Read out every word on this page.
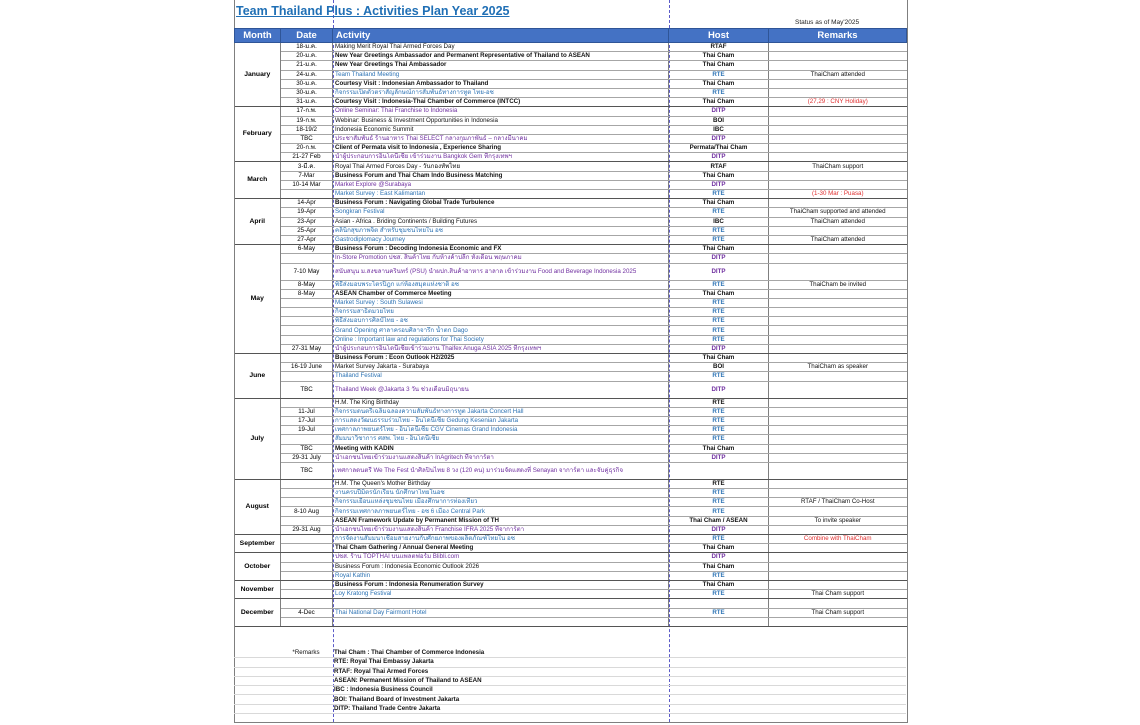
Team Thailand Plus : Activities Plan Year 2025
Status as of May'2025
Month	Date	Activity	Host	Remarks
January	18-ม.ค.	Making Merit Royal Thai Armed Forces Day	RTAF	
	20-ม.ค.	New Year Greetings Ambassador and Permanent Representative of Thailand to ASEAN	Thai Cham	
	21-ม.ค.	New Year Greetings Thai Ambassador	Thai Cham	
	24-ม.ค.	Team Thailand Meeting	RTE	ThaiCham attended
	30-ม.ค.	Courtesy Visit : Indonesian Ambassador to Thailand	Thai Cham	
	30-ม.ค.	กิจกรรมเปิดตัวตราสัญลักษณ์การสัมพันธ์ทางการทูต ไทย-อซ	RTE	
	31-ม.ค.	Courtesy Visit : Indonesia-Thai Chamber of Commerce (INTCC)	Thai Cham	(27,29 : CNY Holiday)
February	17-ก.พ.	Online Seminar: Thai Franchise to Indonesia	DITP	
	19-ก.พ.	Webinar: Business & Investment Opportunities in Indonesia	BOI	
	18-19/2	Indonesia Economic Summit	IBC	
	TBC	ประชาสัมพันธ์ ร้านอาหาร Thai SELECT กลางกุมภาพันธ์ – กลางมีนาคม	DITP	
	20-ก.พ.	Client of Permata visit to Indonesia , Experience Sharing	Permata/Thai Cham	
	21-27 Feb	นำผู้ประกอบการอินโดนีเซีย เข้าร่วมงาน Bangkok Gem ที่กรุงเทพฯ	DITP	
March	3-มี.ค.	Royal Thai Armed Forces Day - วันกองทัพไทย	RTAF	ThaiCham support
	7-Mar	Business Forum and Thai Cham Indo Business Matching	Thai Cham	
	10-14 Mar	Market Explore @Surabaya	DITP	
		Market Survey : East Kalimantan	RTE	(1-30 Mar : Puasa)
April	14-Apr	Business Forum : Navigating Global Trade Turbulence	Thai Cham	
	19-Apr	Songkran Festival	RTE	ThaiCham supported and attended
	23-Apr	Asian - Africa . Briding Continents / Building Futures	IBC	ThaiCham attended
	25-Apr	คลินิกสุขภาพจิต สำหรับชุมชนไทยใน อซ	RTE	
	27-Apr	Gastrodiplomacy Journey	RTE	ThaiCham attended
May	6-May	Business Forum : Decoding Indonesia Economic and FX	Thai Cham	
		In-Store Promotion ปชส. สินค้าไทย กับห้างค้าปลีก ทั้งเดือน พฤษภาคม	DITP	
	7-10 May	สนับสนุน ม.สงขลานครินทร์ (PSU) นำผปก.สินค้าอาหาร ฮาลาล เข้าร่วมงาน Food and Beverage Indonesia 2025	DITP	
	8-May	พิธีส่งมอบพระไตรปิฎก แก่ห้องสมุดแห่งชาติ อซ	RTE	ThaiCham be invited
	8-May	ASEAN Chamber of Commerce Meeting	Thai Cham	
		Market Survey : South Sulawesi	RTE	
		กิจกรรมสาธิตมวยไทย	RTE	
		พิธีส่งมอบการศิลป์ไทย - อซ	RTE	
		Grand Opening ศาลาครอบศิลาจารึก น้ำตก Dago	RTE	
		Online : Important law and regulations for Thai Society	RTE	
	27-31 May	นำผู้ประกอบการอินโดนีเซียเข้าร่วมงาน Thaifex Anuga ASIA 2025 ที่กรุงเทพฯ	DITP	
June		Business Forum : Econ Outlook H2/2025	Thai Cham	
	16-19 June	Market Survey Jakarta - Surabaya	BOI	ThaiCham as speaker
		Thailand Festival	RTE	
	TBC	Thailand Week @Jakarta 3 วัน ช่วงเดือนมิถุนายน	DITP	
July		H.M. The King Birthday	RTE	
	11-Jul	กิจกรรมดนตรีเฉลิมฉลองความสัมพันธ์ทางการทูต Jakarta Concert Hall	RTE	
	17-Jul	การแสดงวัฒนธรรมร่วมไทย - อินโดนีเซีย Gedung Kesenian Jakarta	RTE	
	19-Jul	เทศกาลภาพยนตร์ไทย - อินโดนีเซีย CGV Cinemas Grand Indonesia	RTE	
		สัมมนาวิชาการ ศสพ. ไทย - อินโดนีเซีย	RTE	
	TBC	Meeting with KADIN	Thai Cham	
	29-31 July	นำเอกชนไทยเข้าร่วมงานแสดงสินค้า InAgritech ที่จาการ์ตา	DITP	
	TBC	เทศกาลดนตรี We The Fest นำศิลปินไทย 8 วง (120 คน) มาร่วมจัดแสดงที่ Senayan จาการ์ตา และจับคู่ธุรกิจ		
August		H.M. The Queen's Mother Birthday	RTE	
		งานครบปีมิตรนักเรียน นักศึกษาไทยในอซ	RTE	
		กิจกรรมเยือนแหล่งชุมชนไทย เมืองศึกษาการท่องเที่ยว	RTE	RTAF / ThaiCham Co-Host
	8-10 Aug	กิจกรรมเทศกาลภาพยนตร์ไทย - อซ 6 เมือง Central Park	RTE	
		ASEAN Framework Update by Permanent Mission of TH	Thai Cham / ASEAN	To invite speaker
	29-31 Aug	นำเอกชนไทยเข้าร่วมงานแสดงสินค้า Franchise IFRA 2025 ที่จาการ์ตา	DITP	
September		การจัดงานสัมมนาเชื่อมสายงานกับศักยภาพของผลิตภัณฑ์ไทยใน อซ	RTE	Combine with ThaiCham
		Thai Cham Gathering / Annual General Meeting	Thai Cham	
October		ปชส. ร้าน TOPTHAI บนแพลตฟอร์ม Blibli.com	DITP	
		Business Forum : Indonesia Economic Outlook 2026	Thai Cham	
		Royal Kathin	RTE	
November		Business Forum : Indonesia Renumeration Survey	Thai Cham	
		Loy Kratong Festival	RTE	Thai Cham support
December				
	4-Dec	Thai National Day Fairmont Hotel	RTE	Thai Cham support

	*Remarks	Thai Cham : Thai Chamber of Commerce Indonesia
		RTE: Royal Thai Embassy Jakarta
		RTAF: Royal Thai Armed Forces
		ASEAN: Permanent Mission of Thailand to ASEAN
		IBC : Indonesia Business Council
		BOI: Thailand Board of Investment Jakarta
		DITP: Thailand Trade Centre Jakarta
